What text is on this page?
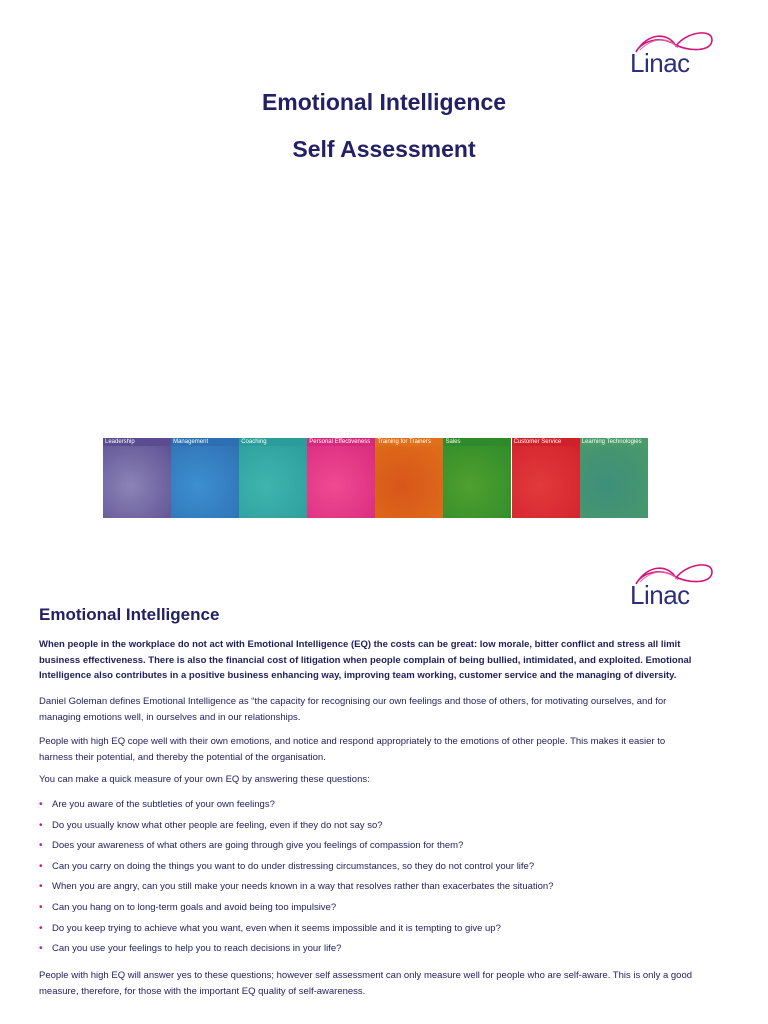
Linac
Emotional Intelligence
Self Assessment
Leadership	Management	Coaching	Personal Effectiveness Training for Trainers Sales	Customer Service	Learning Technologies
Linac
Emotional Intelligence
When people in the workplace do not act with Emotional Intelligence (EQ) the costs can be great: low morale, bitter conflict and stress all limit business effectiveness. There is also the financial cost of litigation when people complain of being bullied, intimidated, and exploited. Emotional Intelligence also contributes in a positive business enhancing way, improving team working, customer service and the managing of diversity.
Daniel Goleman defines Emotional Intelligence as “the capacity for recognising our own feelings and those of others, for motivating ourselves, and for managing emotions well, in ourselves and in our relationships.
People with high EQ cope well with their own emotions, and notice and respond appropriately to the emotions of other people. This makes it easier to harness their potential, and thereby the potential of the organisation.
You can make a quick measure of your own EQ by answering these questions:
• Are you aware of the subtleties of your own feelings?
• Do you usually know what other people are feeling, even if they do not say so?
• Does your awareness of what others are going through give you feelings of compassion for them?
• Can you carry on doing the things you want to do under distressing circumstances, so they do not control your life?
• When you are angry, can you still make your needs known in a way that resolves rather than exacerbates the situation?
• Can you hang on to long-term goals and avoid being too impulsive?
• Do you keep trying to achieve what you want, even when it seems impossible and it is tempting to give up?
• Can you use your feelings to help you to reach decisions in your life?
People with high EQ will answer yes to these questions; however self assessment can only measure well for people who are self-aware. This is only a good measure, therefore, for those with the important EQ quality of self-awareness.
